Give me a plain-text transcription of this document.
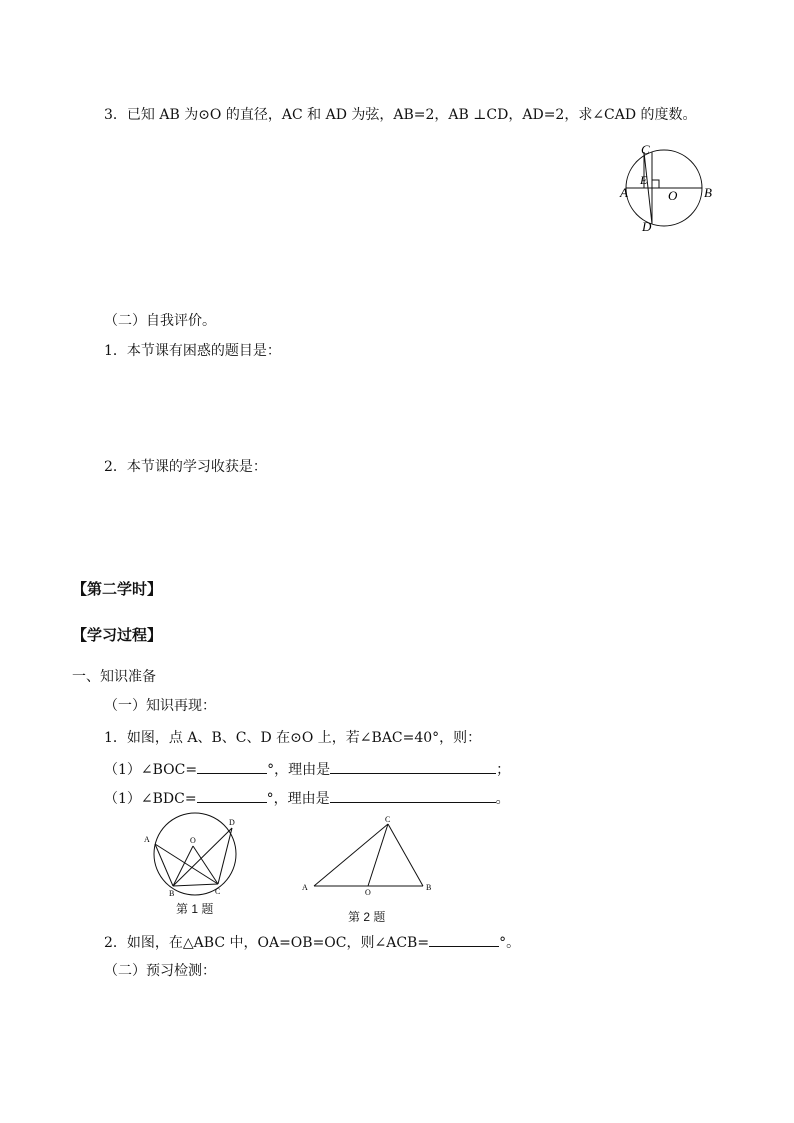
3．已知 AB 为⊙O 的直径，AC 和 AD 为弦，AB=2，AB ⊥CD，AD=2，求∠CAD 的度数。
C
E
A	O B
D
（二）自我评价。
1．本节课有困惑的题目是：
2．本节课的学习收获是：
【第二学时】
【学习过程】
一、知识准备
（一）知识再现：
1．如图，点 A、B、C、D 在⊙O 上，若∠BAC=40°，则：
（1）∠BOC=	°，理由是	；
（1）∠BDC=	°，理由是	。
A	O
D
B	C
第 1 题
C
A
O
B
第 2 题
2．如图，在△ABC 中，OA=OB=OC，则∠ACB=	°。
（二）预习检测：
